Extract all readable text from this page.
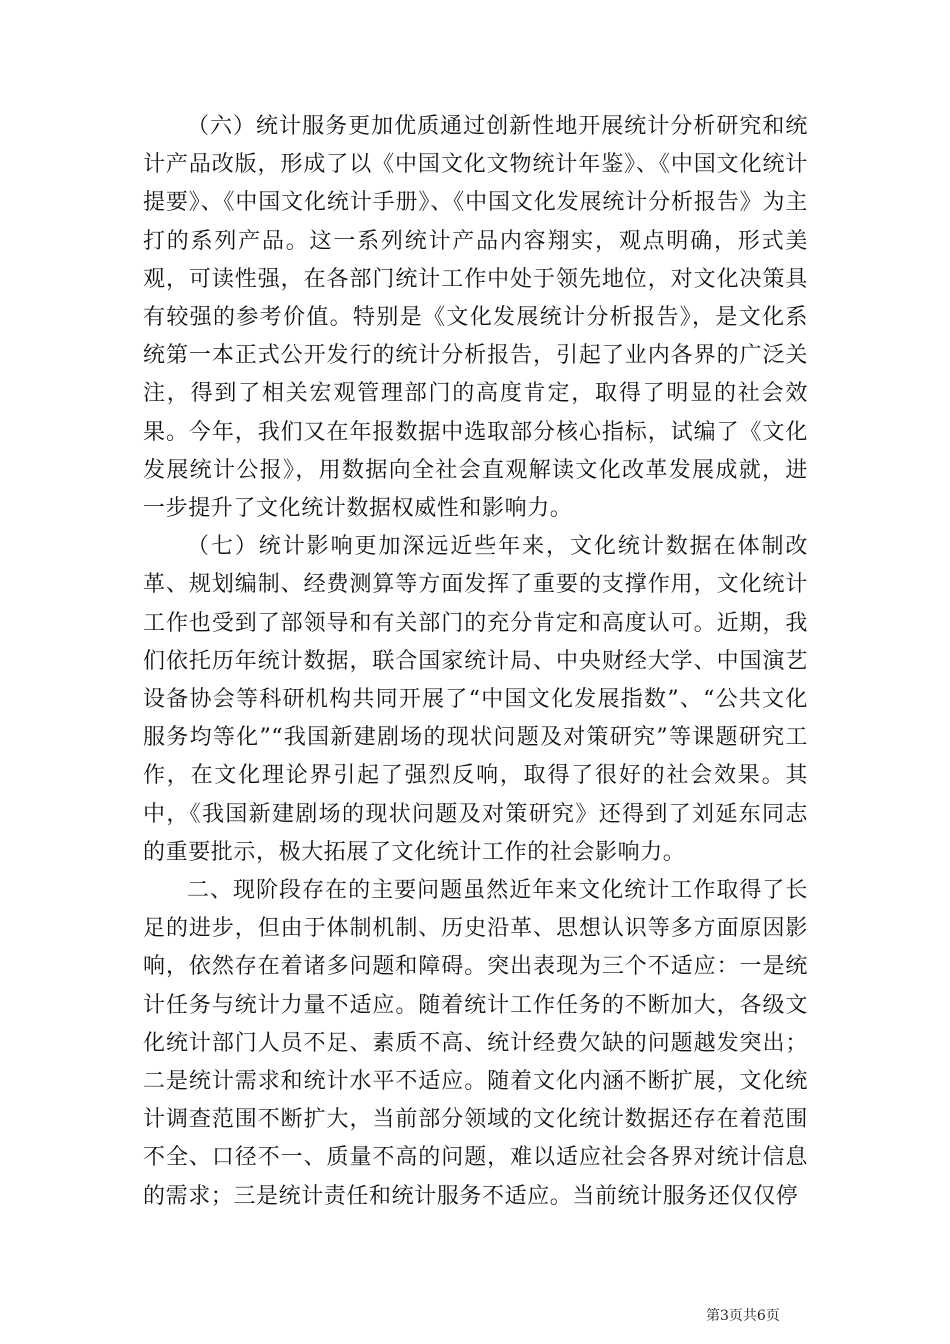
（六）统计服务更加优质通过创新性地开展统计分析研究和统计产品改版，形成了以《中国文化文物统计年鉴》、《中国文化统计提要》、《中国文化统计手册》、《中国文化发展统计分析报告》为主打的系列产品。这一系列统计产品内容翔实，观点明确，形式美观，可读性强，在各部门统计工作中处于领先地位，对文化决策具有较强的参考价值。特别是《文化发展统计分析报告》，是文化系统第一本正式公开发行的统计分析报告，引起了业内各界的广泛关注，得到了相关宏观管理部门的高度肯定，取得了明显的社会效果。今年，我们又在年报数据中选取部分核心指标，试编了《文化发展统计公报》，用数据向全社会直观解读文化改革发展成就，进一步提升了文化统计数据权威性和影响力。

（七）统计影响更加深远近些年来，文化统计数据在体制改革、规划编制、经费测算等方面发挥了重要的支撑作用，文化统计工作也受到了部领导和有关部门的充分肯定和高度认可。近期，我们依托历年统计数据，联合国家统计局、中央财经大学、中国演艺设备协会等科研机构共同开展了“中国文化发展指数”、“公共文化服务均等化”“我国新建剧场的现状问题及对策研究”等课题研究工作，在文化理论界引起了强烈反响，取得了很好的社会效果。其中，《我国新建剧场的现状问题及对策研究》还得到了刘延东同志的重要批示，极大拓展了文化统计工作的社会影响力。

二、现阶段存在的主要问题虽然近年来文化统计工作取得了长足的进步，但由于体制机制、历史沿革、思想认识等多方面原因影响，依然存在着诸多问题和障碍。突出表现为三个不适应：一是统计任务与统计力量不适应。随着统计工作任务的不断加大，各级文化统计部门人员不足、素质不高、统计经费欠缺的问题越发突出；二是统计需求和统计水平不适应。随着文化内涵不断扩展，文化统计调查范围不断扩大，当前部分领域的文化统计数据还存在着范围不全、口径不一、质量不高的问题，难以适应社会各界对统计信息的需求；三是统计责任和统计服务不适应。当前统计服务还仅仅停

第3页共6页
